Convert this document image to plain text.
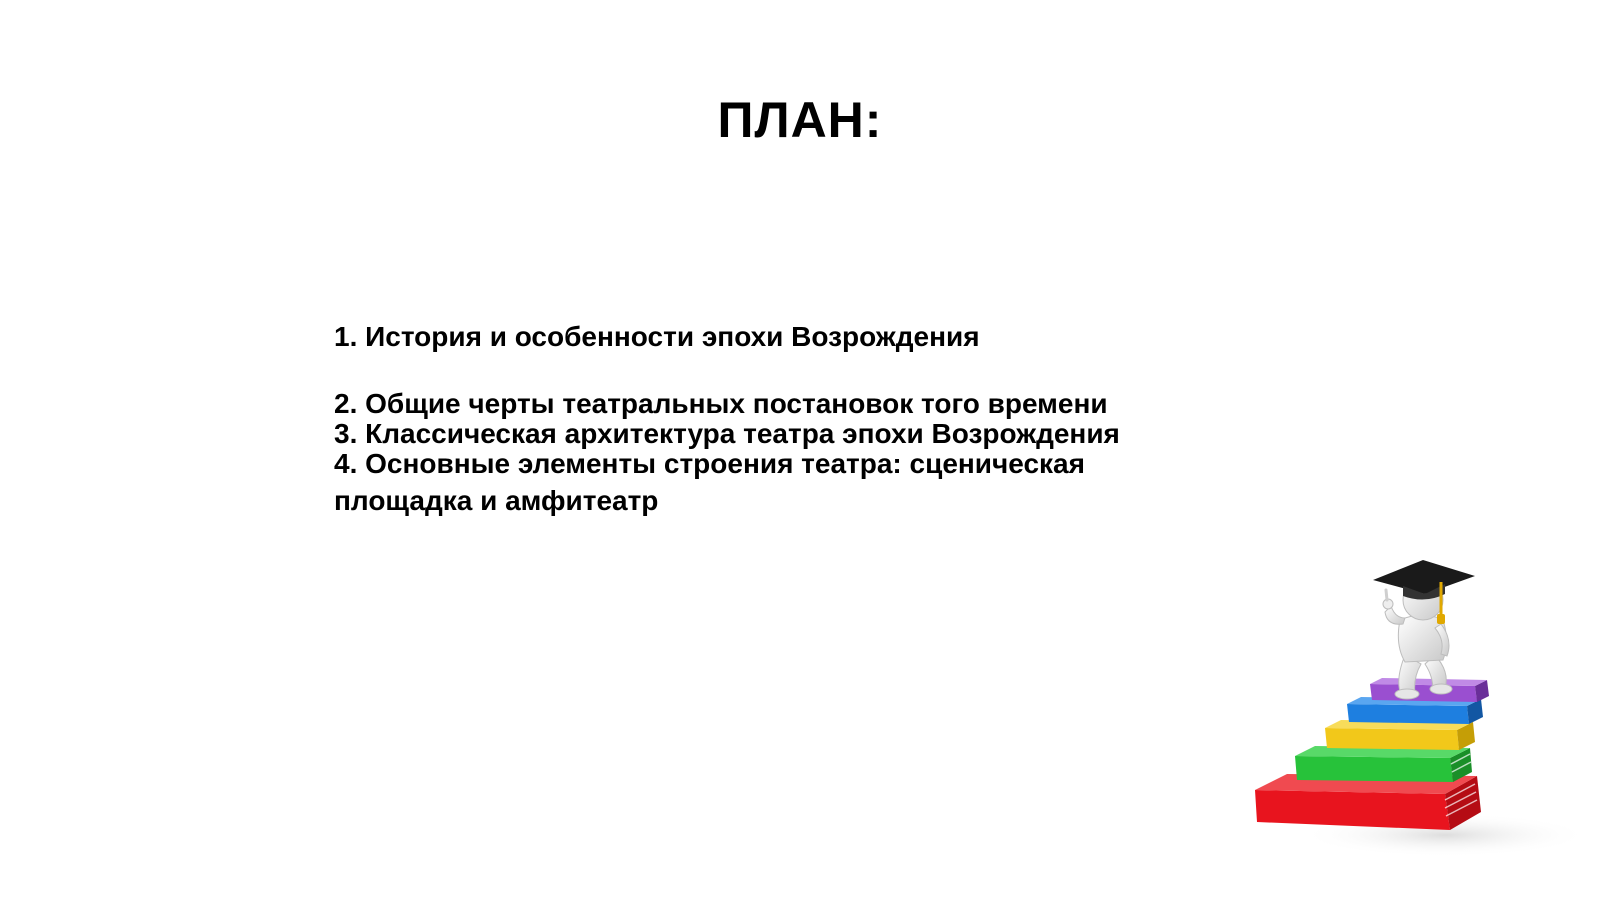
ПЛАН:
1. История и особенности эпохи Возрождения
2. Общие черты театральных постановок того времени
3. Классическая архитектура театра эпохи Возрождения
4. Основные элементы строения театра: сценическая площадка и амфитеатр
